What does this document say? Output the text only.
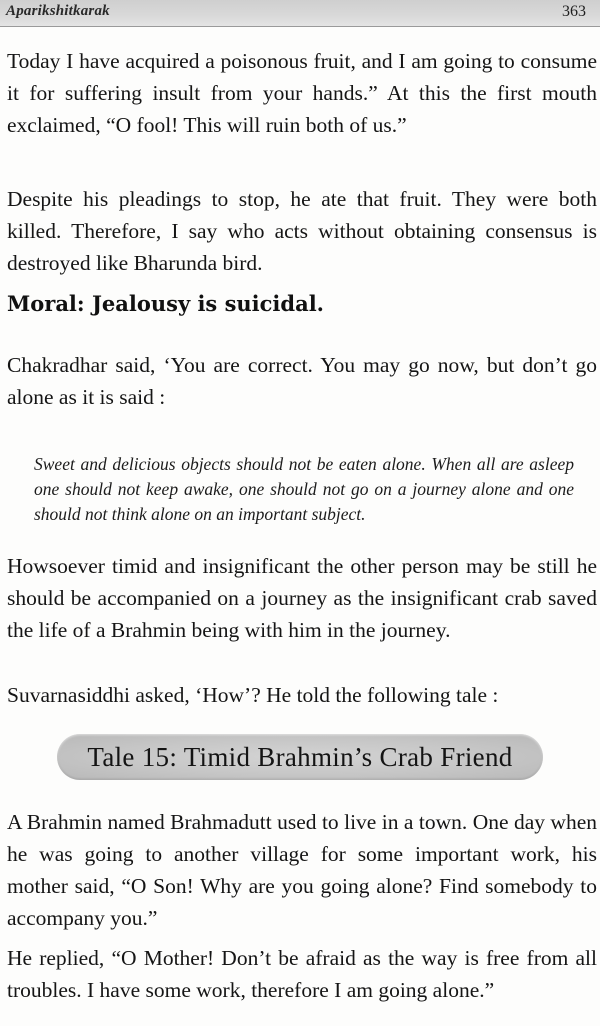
Aparikshitkarak	363

Today I have acquired a poisonous fruit, and I am going to consume it for suffering insult from your hands.” At this the first mouth exclaimed, “O fool! This will ruin both of us.”

Despite his pleadings to stop, he ate that fruit. They were both killed. Therefore, I say who acts without obtaining consensus is destroyed like Bharunda bird.

Moral: Jealousy is suicidal.

Chakradhar said, ‘You are correct. You may go now, but don’t go alone as it is said :

Sweet and delicious objects should not be eaten alone. When all are asleep one should not keep awake, one should not go on a journey alone and one should not think alone on an important subject.

Howsoever timid and insignificant the other person may be still he should be accompanied on a journey as the insignificant crab saved the life of a Brahmin being with him in the journey.

Suvarnasiddhi asked, ‘How’? He told the following tale :

Tale 15: Timid Brahmin’s Crab Friend

A Brahmin named Brahmadutt used to live in a town. One day when he was going to another village for some important work, his mother said, “O Son! Why are you going alone? Find somebody to accompany you.”

He replied, “O Mother! Don’t be afraid as the way is free from all troubles. I have some work, therefore I am going alone.”
